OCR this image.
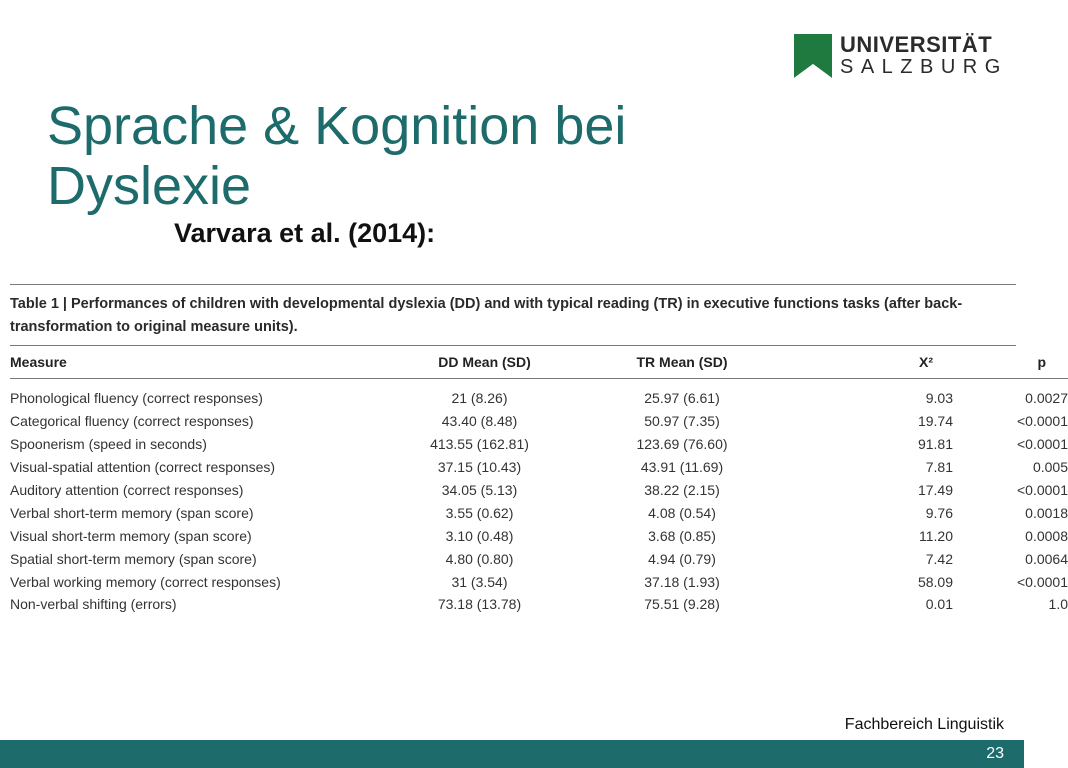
UNIVERSITÄT
SALZBURG
Sprache & Kognition bei Dyslexie
Varvara et al. (2014):

Table 1 | Performances of children with developmental dyslexia (DD) and with typical reading (TR) in executive functions tasks (after back-transformation to original measure units).

Measure	DD Mean (SD)	TR Mean (SD)	X²	p
Phonological fluency (correct responses)	21 (8.26)	25.97 (6.61)	9.03	0.0027
Categorical fluency (correct responses)	43.40 (8.48)	50.97 (7.35)	19.74	<0.0001
Spoonerism (speed in seconds)	413.55 (162.81)	123.69 (76.60)	91.81	<0.0001
Visual-spatial attention (correct responses)	37.15 (10.43)	43.91 (11.69)	7.81	0.005
Auditory attention (correct responses)	34.05 (5.13)	38.22 (2.15)	17.49	<0.0001
Verbal short-term memory (span score)	3.55 (0.62)	4.08 (0.54)	9.76	0.0018
Visual short-term memory (span score)	3.10 (0.48)	3.68 (0.85)	11.20	0.0008
Spatial short-term memory (span score)	4.80 (0.80)	4.94 (0.79)	7.42	0.0064
Verbal working memory (correct responses)	31 (3.54)	37.18 (1.93)	58.09	<0.0001
Non-verbal shifting (errors)	73.18 (13.78)	75.51 (9.28)	0.01	1.0
Fachbereich Linguistik
23
